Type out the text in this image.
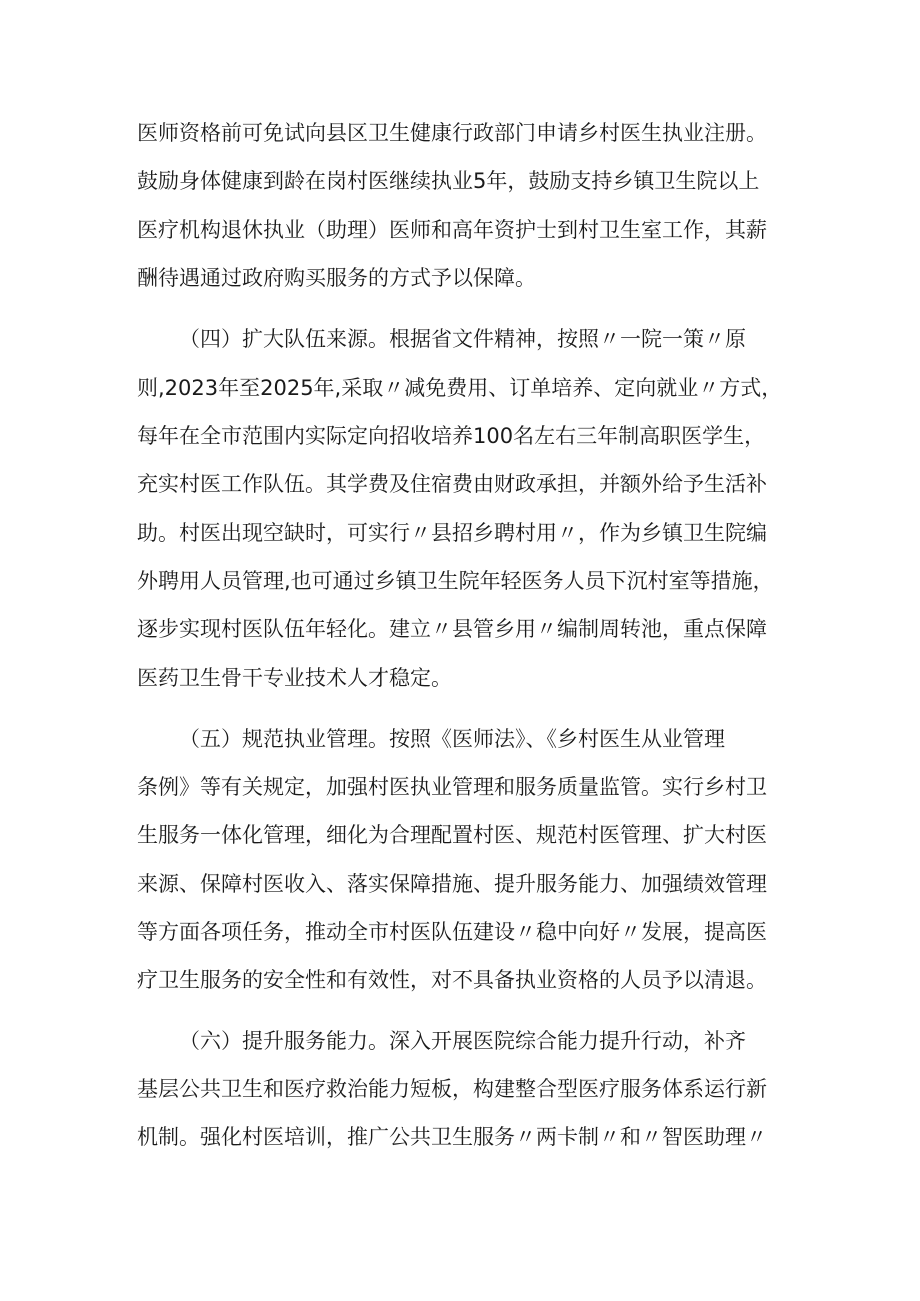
医师资格前可免试向县区卫生健康行政部门申请乡村医生执业注册。
鼓励身体健康到龄在岗村医继续执业5年，鼓励支持乡镇卫生院以上
医疗机构退休执业（助理）医师和高年资护士到村卫生室工作，其薪
酬待遇通过政府购买服务的方式予以保障。
（四）扩大队伍来源。根据省文件精神，按照〃一院一策〃原
则,2023年至2025年,采取〃减免费用、订单培养、定向就业〃方式，
每年在全市范围内实际定向招收培养100名左右三年制高职医学生，
充实村医工作队伍。其学费及住宿费由财政承担，并额外给予生活补
助。村医出现空缺时，可实行〃县招乡聘村用〃，作为乡镇卫生院编
外聘用人员管理,也可通过乡镇卫生院年轻医务人员下沉村室等措施，
逐步实现村医队伍年轻化。建立〃县管乡用〃编制周转池，重点保障
医药卫生骨干专业技术人才稳定。
（五）规范执业管理。按照《医师法》、《乡村医生从业管理
条例》等有关规定，加强村医执业管理和服务质量监管。实行乡村卫
生服务一体化管理，细化为合理配置村医、规范村医管理、扩大村医
来源、保障村医收入、落实保障措施、提升服务能力、加强绩效管理
等方面各项任务，推动全市村医队伍建设〃稳中向好〃发展，提高医
疗卫生服务的安全性和有效性，对不具备执业资格的人员予以清退。
（六）提升服务能力。深入开展医院综合能力提升行动，补齐
基层公共卫生和医疗救治能力短板，构建整合型医疗服务体系运行新
机制。强化村医培训，推广公共卫生服务〃两卡制〃和〃智医助理〃
